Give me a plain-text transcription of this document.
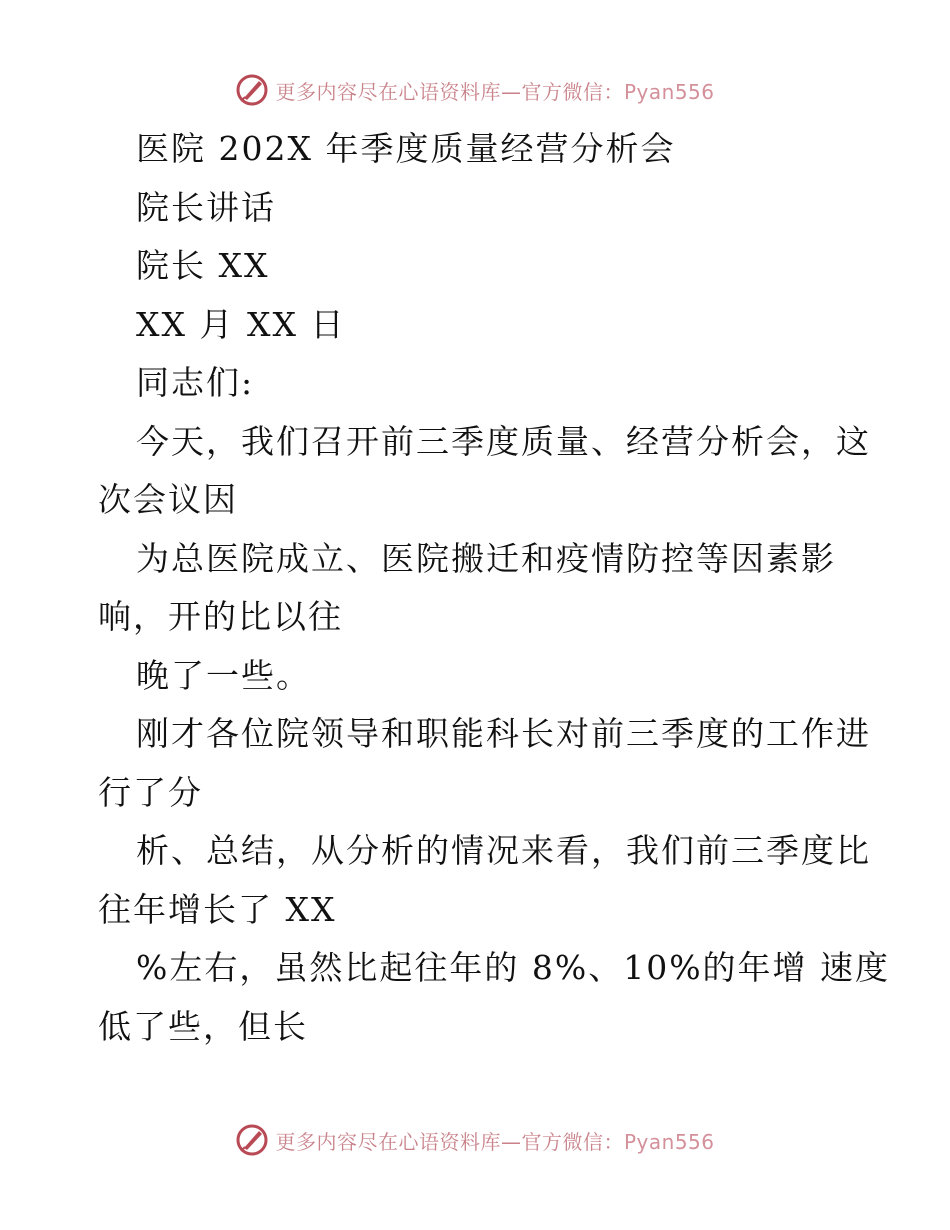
更多内容尽在心语资料库—官方微信：Pyan556
医院 202X 年季度质量经营分析会
院长讲话
院长 XX
XX 月 XX 日
同志们:
今天，我们召开前三季度质量、经营分析会，这
次会议因
为总医院成立、医院搬迁和疫情防控等因素影
响，开的比以往
晚了一些。
刚才各位院领导和职能科长对前三季度的工作进
行了分
析、总结，从分析的情况来看，我们前三季度比
往年增长了 XX
%左右，虽然比起往年的 8%、10%的年增 速度
低了些，但长
更多内容尽在心语资料库—官方微信：Pyan556
